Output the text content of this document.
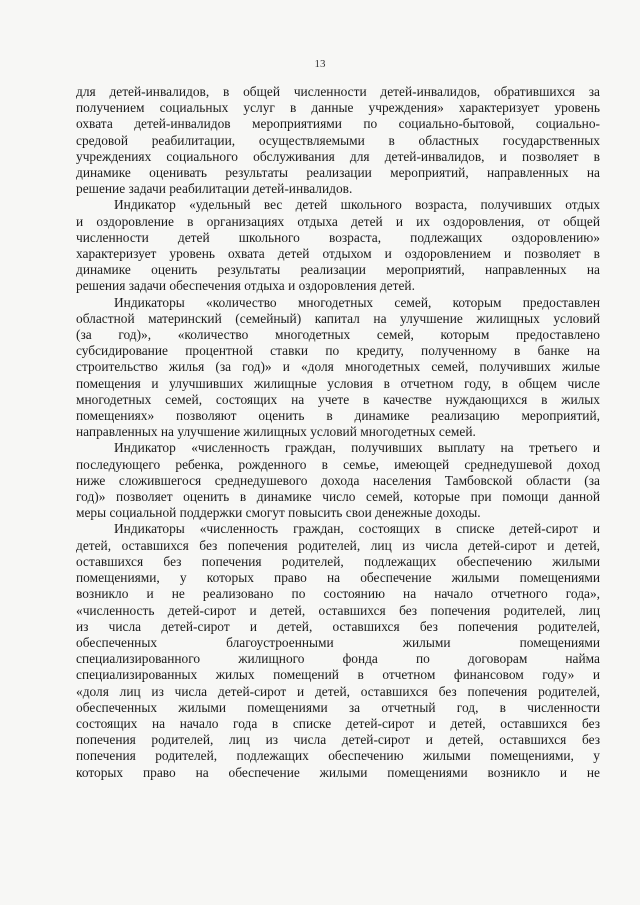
13

для детей-инвалидов, в общей численности детей-инвалидов, обратившихся за
получением социальных услуг в данные учреждения» характеризует уровень
охвата детей-инвалидов мероприятиями по социально-бытовой, социально-
средовой реабилитации, осуществляемыми в областных государственных
учреждениях социального обслуживания для детей-инвалидов, и позволяет в
динамике оценивать результаты реализации мероприятий, направленных на
решение задачи реабилитации детей-инвалидов.

Индикатор «удельный вес детей школьного возраста, получивших отдых
и оздоровление в организациях отдыха детей и их оздоровления, от общей
численности детей школьного возраста, подлежащих оздоровлению»
характеризует уровень охвата детей отдыхом и оздоровлением и позволяет в
динамике оценить результаты реализации мероприятий, направленных на
решения задачи обеспечения отдыха и оздоровления детей.

Индикаторы «количество многодетных семей, которым предоставлен
областной материнский (семейный) капитал на улучшение жилищных условий
(за год)», «количество многодетных семей, которым предоставлено
субсидирование процентной ставки по кредиту, полученному в банке на
строительство жилья (за год)» и «доля многодетных семей, получивших жилые
помещения и улучшивших жилищные условия в отчетном году, в общем числе
многодетных семей, состоящих на учете в качестве нуждающихся в жилых
помещениях» позволяют оценить в динамике реализацию мероприятий,
направленных на улучшение жилищных условий многодетных семей.

Индикатор «численность граждан, получивших выплату на третьего и
последующего ребенка, рожденного в семье, имеющей среднедушевой доход
ниже сложившегося среднедушевого дохода населения Тамбовской области (за
год)» позволяет оценить в динамике число семей, которые при помощи данной
меры социальной поддержки смогут повысить свои денежные доходы.

Индикаторы «численность граждан, состоящих в списке детей-сирот и
детей, оставшихся без попечения родителей, лиц из числа детей-сирот и детей,
оставшихся без попечения родителей, подлежащих обеспечению жилыми
помещениями, у которых право на обеспечение жилыми помещениями
возникло и не реализовано по состоянию на начало отчетного года»,
«численность детей-сирот и детей, оставшихся без попечения родителей, лиц
из числа детей-сирот и детей, оставшихся без попечения родителей,
обеспеченных благоустроенными жилыми помещениями
специализированного жилищного фонда по договорам найма
специализированных жилых помещений в отчетном финансовом году» и
«доля лиц из числа детей-сирот и детей, оставшихся без попечения родителей,
обеспеченных жилыми помещениями за отчетный год, в численности
состоящих на начало года в списке детей-сирот и детей, оставшихся без
попечения родителей, лиц из числа детей-сирот и детей, оставшихся без
попечения родителей, подлежащих обеспечению жилыми помещениями, у
которых право на обеспечение жилыми помещениями возникло и не
